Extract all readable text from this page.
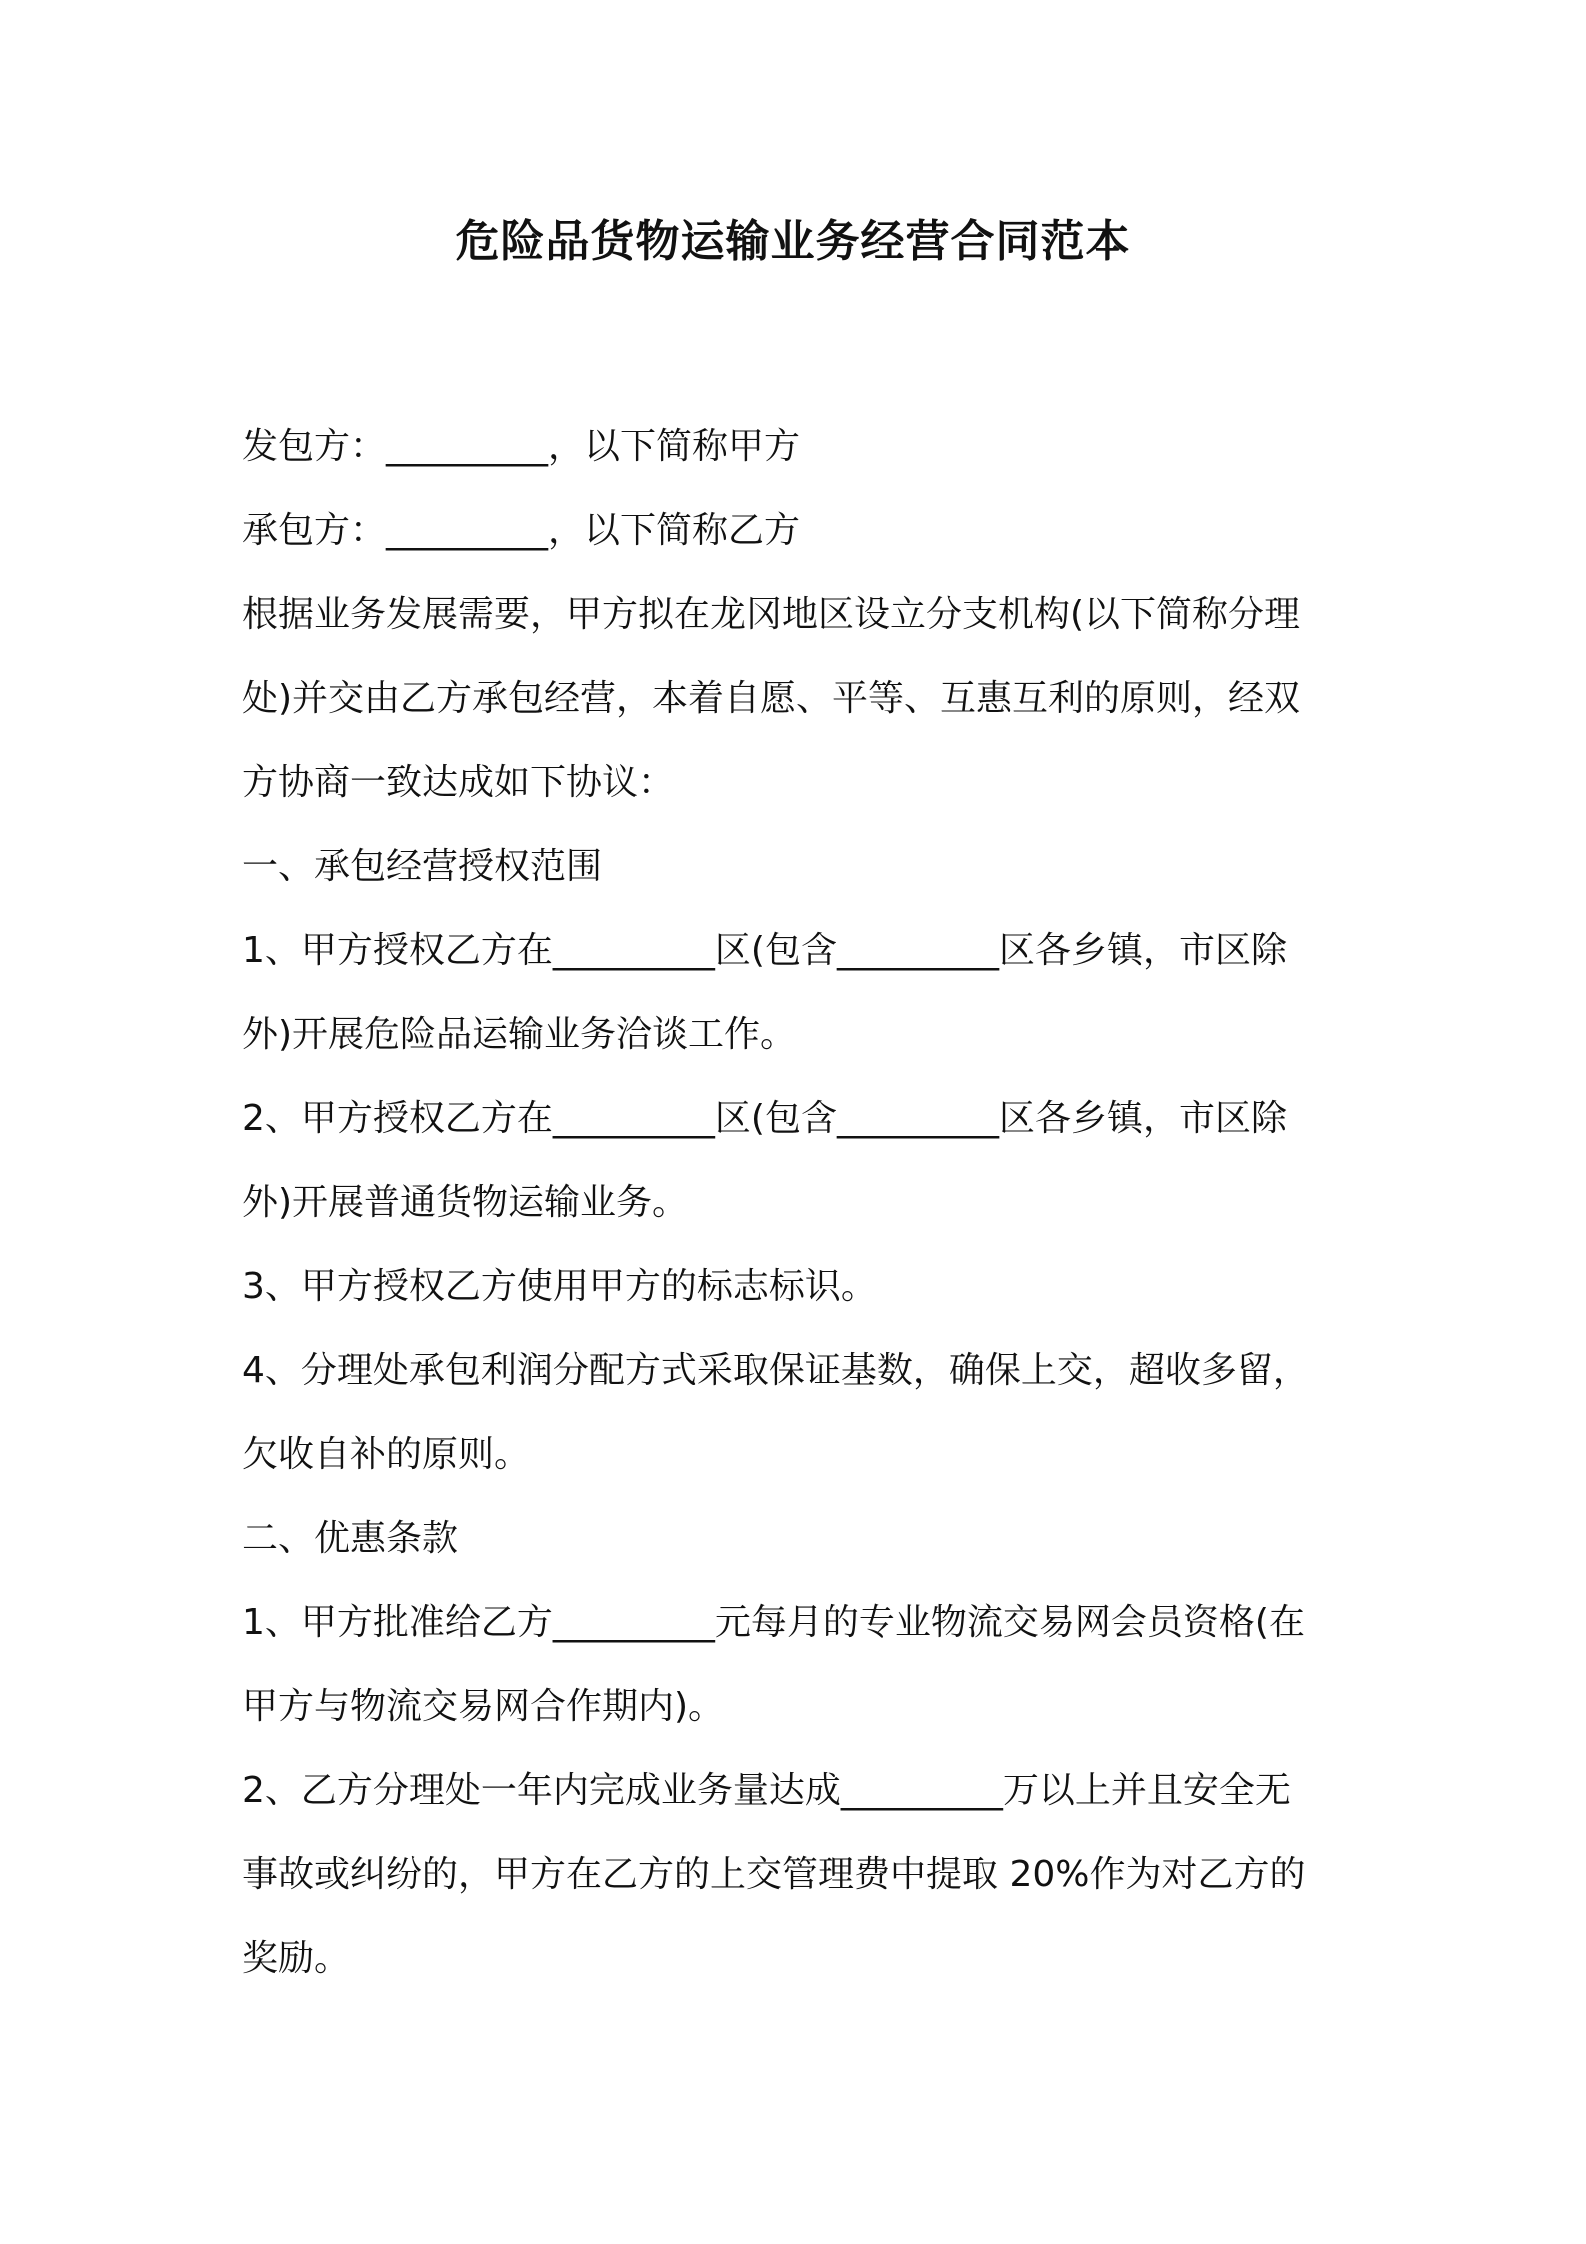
危险品货物运输业务经营合同范本
发包方：_________，以下简称甲方
承包方：_________，以下简称乙方
根据业务发展需要，甲方拟在龙冈地区设立分支机构(以下简称分理
处)并交由乙方承包经营，本着自愿、平等、互惠互利的原则，经双
方协商一致达成如下协议：
一、承包经营授权范围
1、甲方授权乙方在_________区(包含_________区各乡镇，市区除
外)开展危险品运输业务洽谈工作。
2、甲方授权乙方在_________区(包含_________区各乡镇，市区除
外)开展普通货物运输业务。
3、甲方授权乙方使用甲方的标志标识。
4、分理处承包利润分配方式采取保证基数，确保上交，超收多留，
欠收自补的原则。
二、优惠条款
1、甲方批准给乙方_________元每月的专业物流交易网会员资格(在
甲方与物流交易网合作期内)。
2、乙方分理处一年内完成业务量达成_________万以上并且安全无
事故或纠纷的，甲方在乙方的上交管理费中提取 20%作为对乙方的
奖励。
